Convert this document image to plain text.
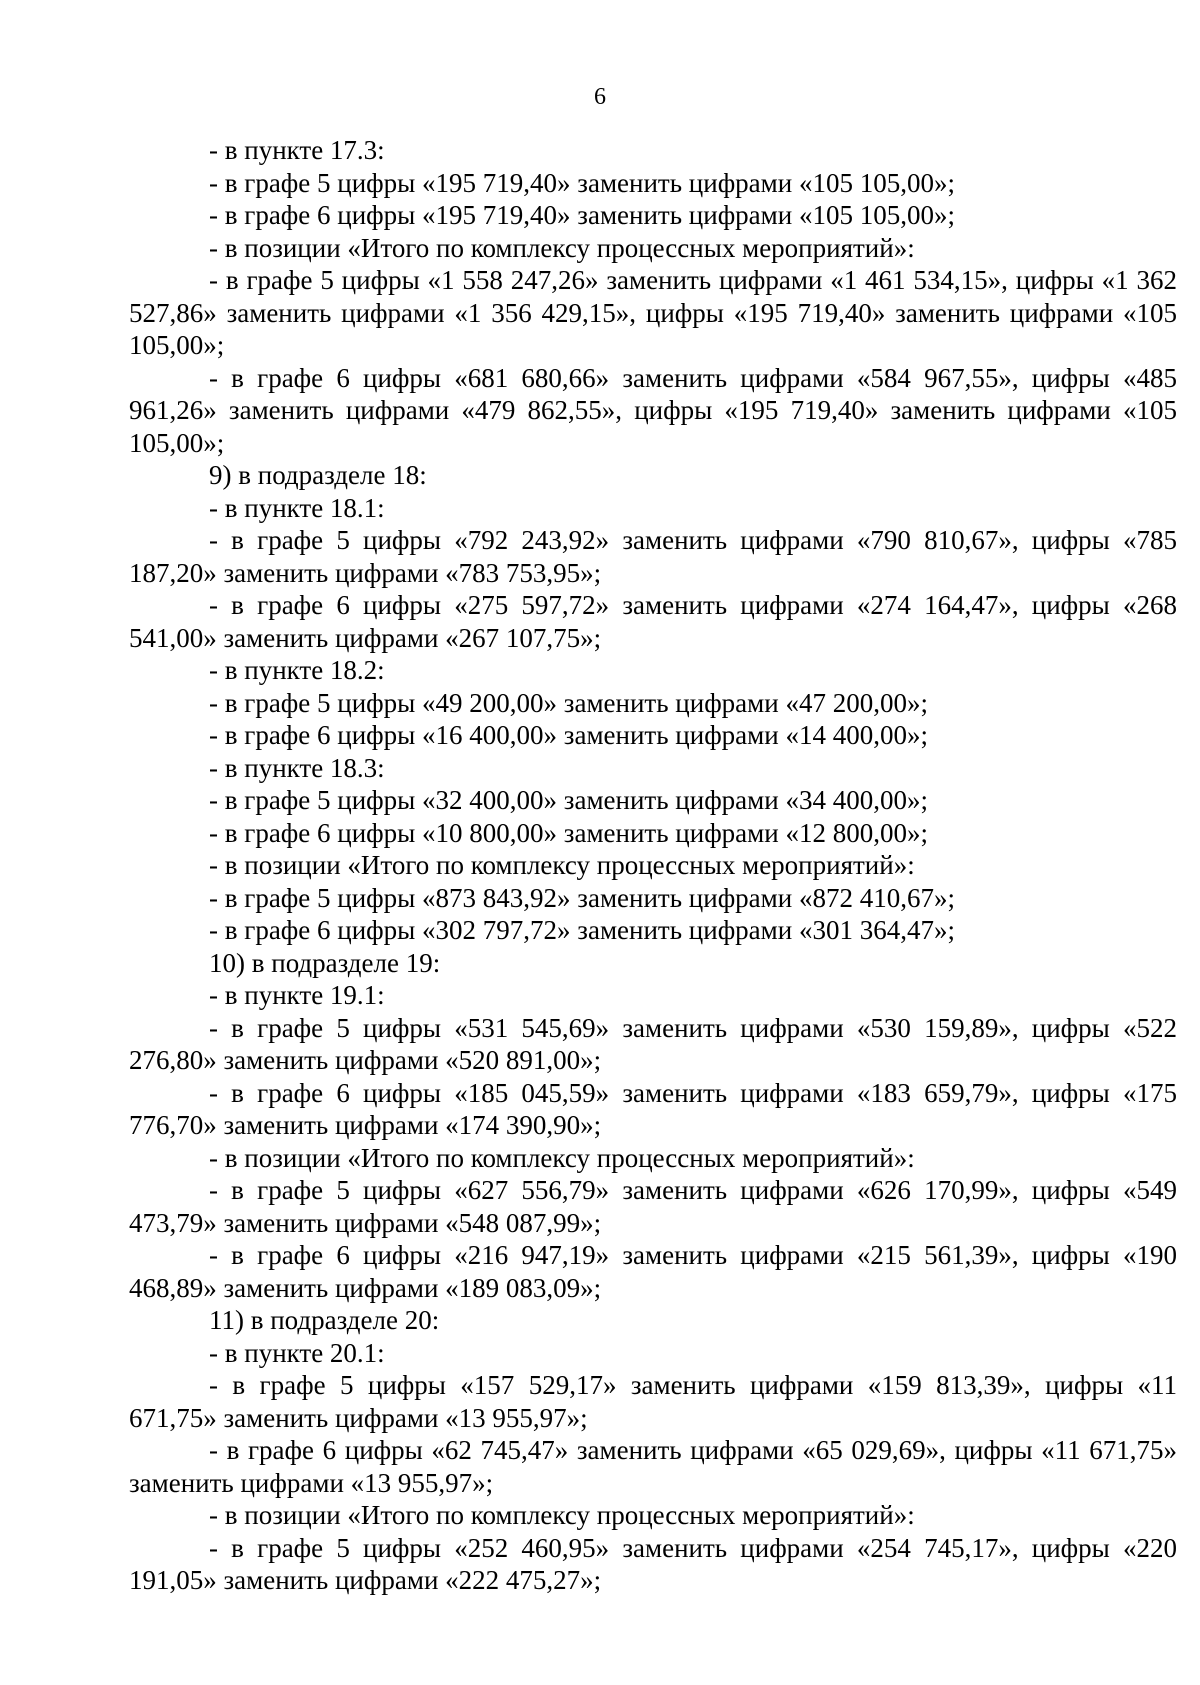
6

- в пункте 17.3:

- в графе 5 цифры «195 719,40» заменить цифрами «105 105,00»;

- в графе 6 цифры «195 719,40» заменить цифрами «105 105,00»;

- в позиции «Итого по комплексу процессных мероприятий»:

- в графе 5 цифры «1 558 247,26» заменить цифрами «1 461 534,15», цифры «1 362 527,86» заменить цифрами «1 356 429,15», цифры «195 719,40» заменить цифрами «105 105,00»;

- в графе 6 цифры «681 680,66» заменить цифрами «584 967,55», цифры «485 961,26» заменить цифрами «479 862,55», цифры «195 719,40» заменить цифрами «105 105,00»;

9) в подразделе 18:

- в пункте 18.1:

- в графе 5 цифры «792 243,92» заменить цифрами «790 810,67», цифры «785 187,20» заменить цифрами «783 753,95»;

- в графе 6 цифры «275 597,72» заменить цифрами «274 164,47», цифры «268 541,00» заменить цифрами «267 107,75»;

- в пункте 18.2:

- в графе 5 цифры «49 200,00» заменить цифрами «47 200,00»;

- в графе 6 цифры «16 400,00» заменить цифрами «14 400,00»;

- в пункте 18.3:

- в графе 5 цифры «32 400,00» заменить цифрами «34 400,00»;

- в графе 6 цифры «10 800,00» заменить цифрами «12 800,00»;

- в позиции «Итого по комплексу процессных мероприятий»:

- в графе 5 цифры «873 843,92» заменить цифрами «872 410,67»;

- в графе 6 цифры «302 797,72» заменить цифрами «301 364,47»;

10) в подразделе 19:

- в пункте 19.1:

- в графе 5 цифры «531 545,69» заменить цифрами «530 159,89», цифры «522 276,80» заменить цифрами «520 891,00»;

- в графе 6 цифры «185 045,59» заменить цифрами «183 659,79», цифры «175 776,70» заменить цифрами «174 390,90»;

- в позиции «Итого по комплексу процессных мероприятий»:

- в графе 5 цифры «627 556,79» заменить цифрами «626 170,99», цифры «549 473,79» заменить цифрами «548 087,99»;

- в графе 6 цифры «216 947,19» заменить цифрами «215 561,39», цифры «190 468,89» заменить цифрами «189 083,09»;

11) в подразделе 20:

- в пункте 20.1:

- в графе 5 цифры «157 529,17» заменить цифрами «159 813,39», цифры «11 671,75» заменить цифрами «13 955,97»;

- в графе 6 цифры «62 745,47» заменить цифрами «65 029,69», цифры «11 671,75» заменить цифрами «13 955,97»;

- в позиции «Итого по комплексу процессных мероприятий»:

- в графе 5 цифры «252 460,95» заменить цифрами «254 745,17», цифры «220 191,05» заменить цифрами «222 475,27»;
